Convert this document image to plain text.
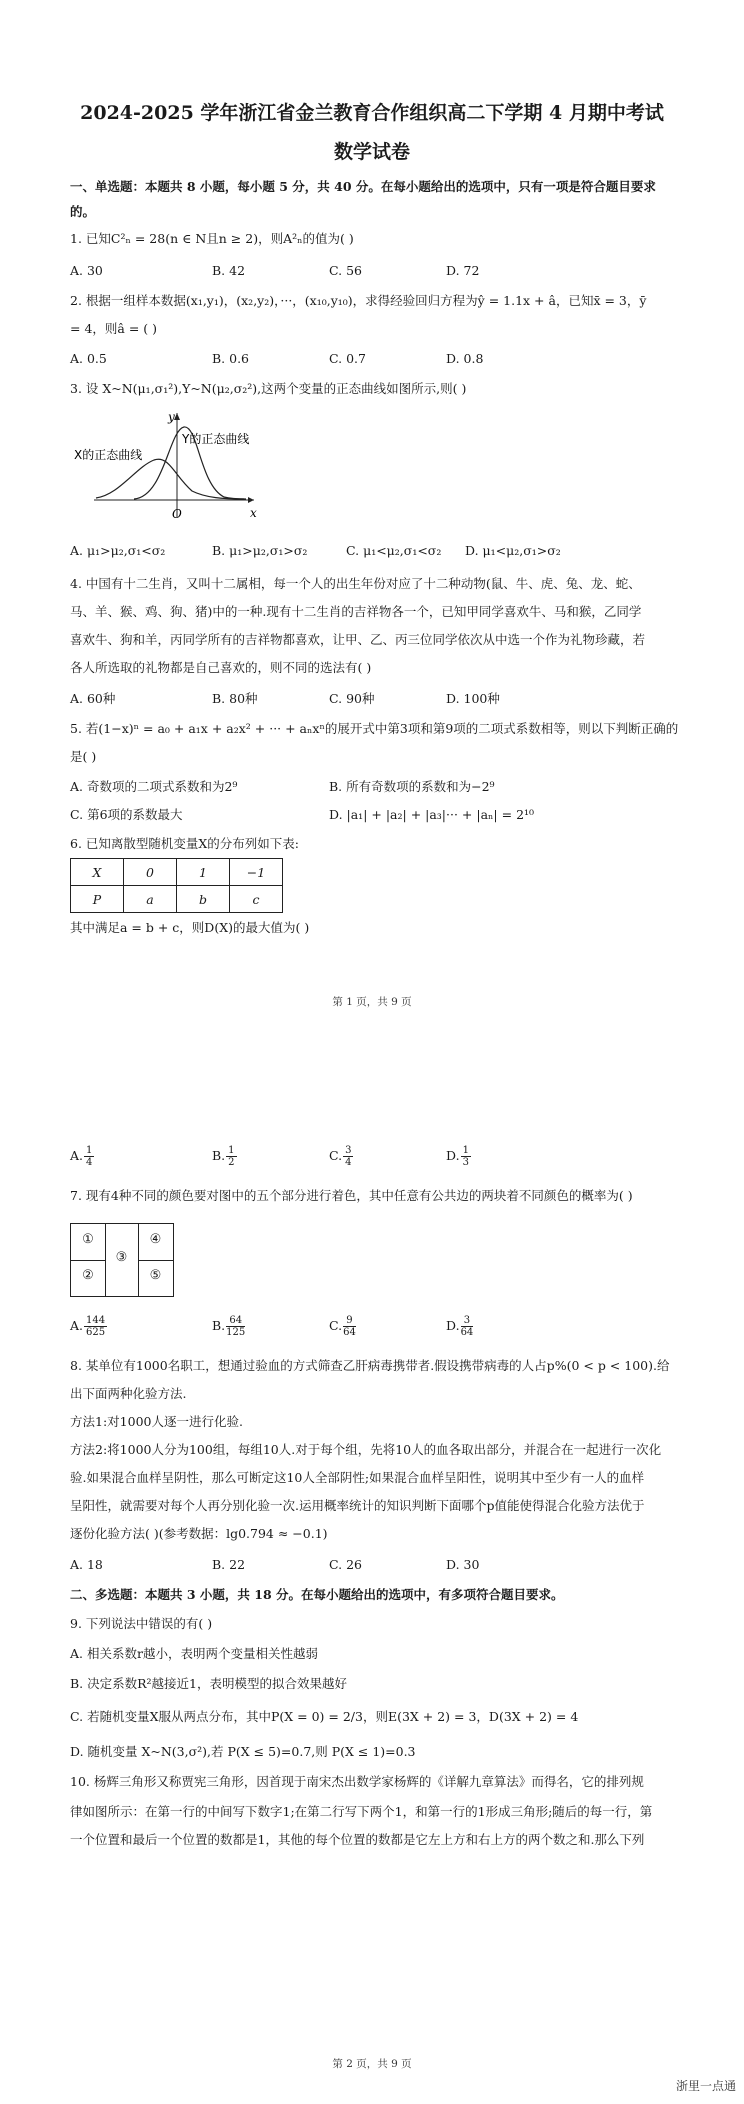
2024-2025 学年浙江省金兰教育合作组织高二下学期 4 月期中考试
数学试卷
一、单选题：本题共 8 小题，每小题 5 分，共 40 分。在每小题给出的选项中，只有一项是符合题目要求
的。
1. 已知C²ₙ = 28(n ∈ N且n ≥ 2)，则A²ₙ的值为( )
A. 30	B. 42	C. 56	D. 72
2. 根据一组样本数据(x₁,y₁)，(x₂,y₂)，···，(x₁₀,y₁₀)，求得经验回归方程为ŷ = 1.1x + â，已知x̄ = 3，ȳ
= 4，则â = ( )
A. 0.5	B. 0.6	C. 0.7	D. 0.8
3. 设 X~N(μ₁,σ₁²),Y~N(μ₂,σ₂²),这两个变量的正态曲线如图所示,则( )
y
x
O
X的正态曲线
Y的正态曲线
A. μ₁>μ₂,σ₁<σ₂	B. μ₁>μ₂,σ₁>σ₂	C. μ₁<μ₂,σ₁<σ₂ D. μ₁<μ₂,σ₁>σ₂
4. 中国有十二生肖，又叫十二属相，每一个人的出生年份对应了十二种动物(鼠、牛、虎、兔、龙、蛇、
马、羊、猴、鸡、狗、猪)中的一种.现有十二生肖的吉祥物各一个，已知甲同学喜欢牛、马和猴，乙同学
喜欢牛、狗和羊，丙同学所有的吉祥物都喜欢，让甲、乙、丙三位同学依次从中选一个作为礼物珍藏，若
各人所选取的礼物都是自己喜欢的，则不同的选法有( )
A. 60种	B. 80种	C. 90种	D. 100种
5. 若(1−x)ⁿ = a₀ + a₁x + a₂x² + ··· + aₙxⁿ的展开式中第3项和第9项的二项式系数相等，则以下判断正确的
是( )
A. 奇数项的二项式系数和为2⁹	B. 所有奇数项的系数和为−2⁹
C. 第6项的系数最大	D. |a₁| + |a₂| + |a₃|··· + |aₙ| = 2¹⁰
6. 已知离散型随机变量X的分布列如下表:
X	0	1	−1
P	a	b	c
其中满足a = b + c，则D(X)的最大值为( )
第 1 页，共 9 页
A. $\frac{1}{4}$	B. $\frac{1}{2}$	C. $\frac{3}{4}$	D. $\frac{1}{3}$
7. 现有4种不同的颜色要对图中的五个部分进行着色，其中任意有公共边的两块着不同颜色的概率为( )
①
②
③
④
⑤
A. $\frac{144}{625}$	B. $\frac{64}{125}$	C. $\frac{9}{64}$	D. $\frac{3}{64}$
8. 某单位有1000名职工，想通过验血的方式筛查乙肝病毒携带者.假设携带病毒的人占p%(0 < p < 100).给
出下面两种化验方法.
方法1:对1000人逐一进行化验.
方法2:将1000人分为100组，每组10人.对于每个组，先将10人的血各取出部分，并混合在一起进行一次化
验.如果混合血样呈阴性，那么可断定这10人全部阴性;如果混合血样呈阳性，说明其中至少有一人的血样
呈阳性，就需要对每个人再分别化验一次.运用概率统计的知识判断下面哪个p值能使得混合化验方法优于
逐份化验方法( )(参考数据：lg0.794 ≈ −0.1)
A. 18	B. 22	C. 26	D. 30
二、多选题：本题共 3 小题，共 18 分。在每小题给出的选项中，有多项符合题目要求。
9. 下列说法中错误的有( )
A. 相关系数r越小，表明两个变量相关性越弱
B. 决定系数R²越接近1，表明模型的拟合效果越好
C. 若随机变量X服从两点分布，其中P(X = 0) = 2/3，则E(3X + 2) = 3，D(3X + 2) = 4
D. 随机变量 X~N(3,σ²),若 P(X ≤ 5)=0.7,则 P(X ≤ 1)=0.3
10. 杨辉三角形又称贾宪三角形，因首现于南宋杰出数学家杨辉的《详解九章算法》而得名，它的排列规
律如图所示：在第一行的中间写下数字1;在第二行写下两个1，和第一行的1形成三角形;随后的每一行，第
一个位置和最后一个位置的数都是1，其他的每个位置的数都是它左上方和右上方的两个数之和.那么下列
第 2 页，共 9 页
浙里一点通
